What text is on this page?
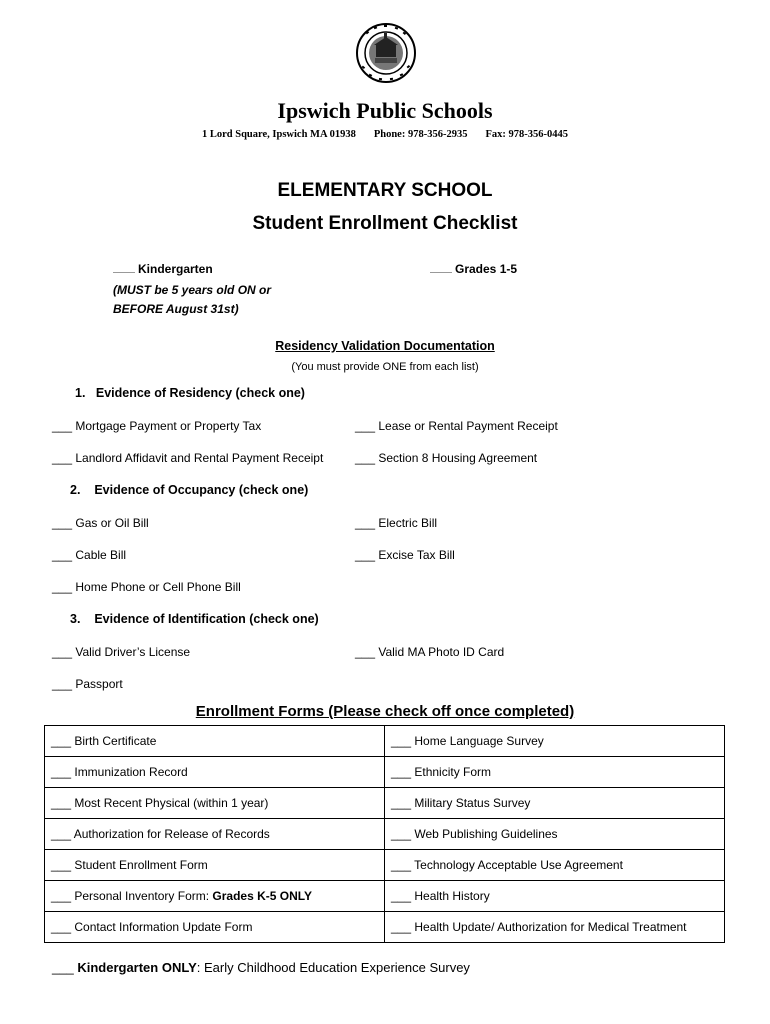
Ipswich Public Schools
1 Lord Square, Ipswich MA 01938 Phone: 978-356-2935 Fax: 978-356-0445
ELEMENTARY SCHOOL
Student Enrollment Checklist
Kindergarten
(MUST be 5 years old ON or
BEFORE August 31st)
Grades 1-5
Residency Validation Documentation
(You must provide ONE from each list)
1. Evidence of Residency (check one)
___ Mortgage Payment or Property Tax	___ Lease or Rental Payment Receipt
___ Landlord Affidavit and Rental Payment Receipt	___ Section 8 Housing Agreement
2. Evidence of Occupancy (check one)
___ Gas or Oil Bill	___ Electric Bill
___ Cable Bill	___ Excise Tax Bill
___ Home Phone or Cell Phone Bill
3. Evidence of Identification (check one)
___ Valid Driver’s License	___ Valid MA Photo ID Card
___ Passport
Enrollment Forms (Please check off once completed)
___ Birth Certificate	___ Home Language Survey
___ Immunization Record	___ Ethnicity Form
___ Most Recent Physical (within 1 year)	___ Military Status Survey
___ Authorization for Release of Records	___ Web Publishing Guidelines
___ Student Enrollment Form	___ Technology Acceptable Use Agreement
___ Personal Inventory Form: Grades K-5 ONLY	___ Health History
___ Contact Information Update Form	___ Health Update/ Authorization for Medical Treatment
___ Kindergarten ONLY: Early Childhood Education Experience Survey
